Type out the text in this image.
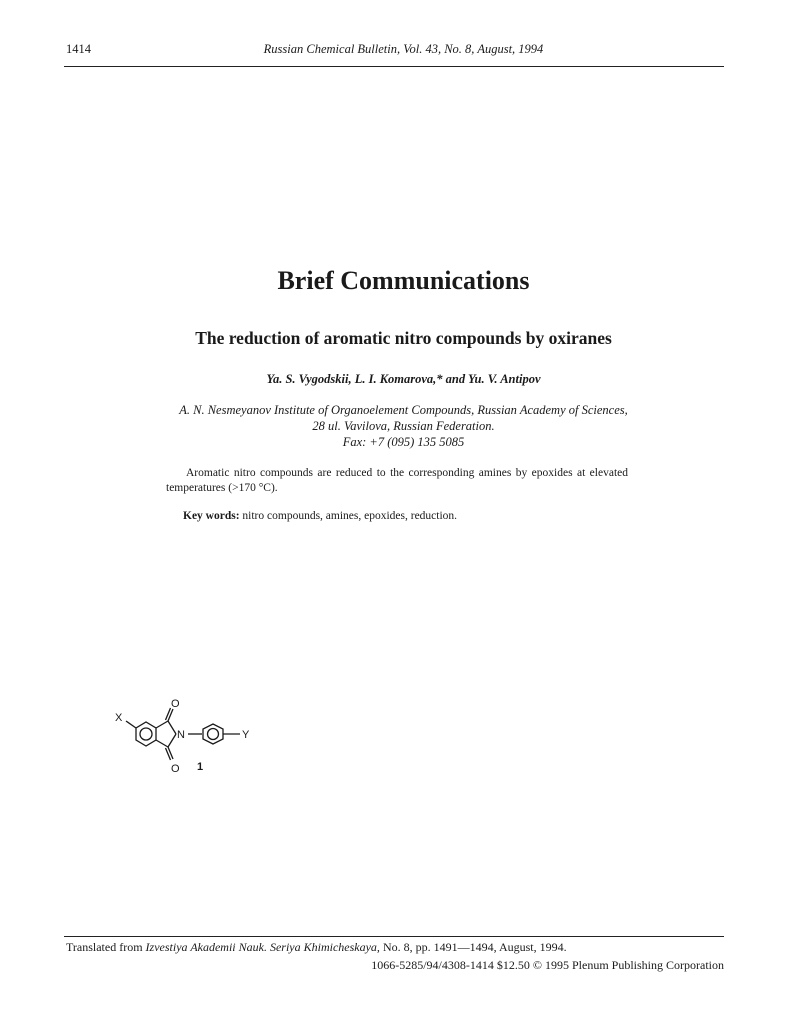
1414	Russian Chemical Bulletin, Vol. 43, No. 8, August, 1994
Brief Communications
The reduction of aromatic nitro compounds by oxiranes
Ya. S. Vygodskii, L. I. Komarova,* and Yu. V. Antipov
A. N. Nesmeyanov Institute of Organoelement Compounds, Russian Academy of Sciences,
28 ul. Vavilova, Russian Federation.
Fax: +7 (095) 135 5085
Aromatic nitro compounds are reduced to the corresponding amines by epoxides at elevated temperatures (>170 °C).
Key words: nitro compounds, amines, epoxides, reduction.

X
O
N	Y
O 1

Translated from Izvestiya Akademii Nauk. Seriya Khimicheskaya, No. 8, pp. 1491—1494, August, 1994.
1066-5285/94/4308-1414 $12.50 © 1995 Plenum Publishing Corporation
